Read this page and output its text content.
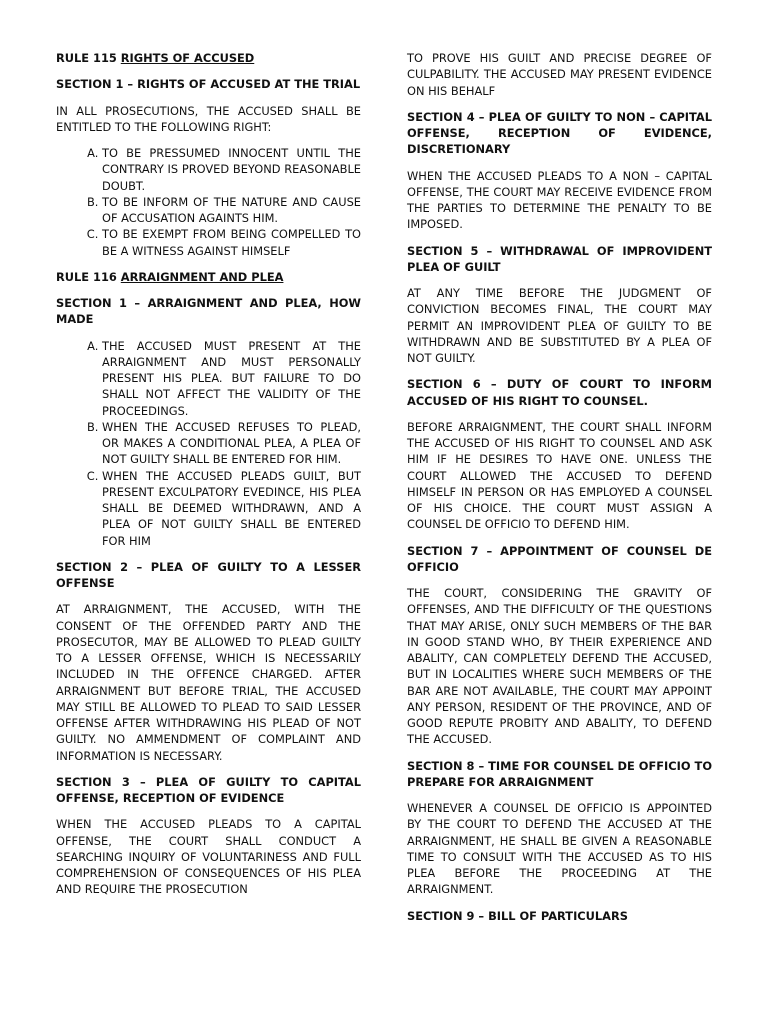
RULE 115 RIGHTS OF ACCUSED
SECTION 1 – RIGHTS OF ACCUSED AT THE TRIAL
IN ALL PROSECUTIONS, THE ACCUSED SHALL BE ENTITLED TO THE FOLLOWING RIGHT:
A. TO BE PRESSUMED INNOCENT UNTIL THE CONTRARY IS PROVED BEYOND REASONABLE DOUBT.
B. TO BE INFORM OF THE NATURE AND CAUSE OF ACCUSATION AGAINTS HIM.
C. TO BE EXEMPT FROM BEING COMPELLED TO BE A WITNESS AGAINST HIMSELF
RULE 116 ARRAIGNMENT AND PLEA
SECTION 1 – ARRAIGNMENT AND PLEA, HOW MADE
A. THE ACCUSED MUST PRESENT AT THE ARRAIGNMENT AND MUST PERSONALLY PRESENT HIS PLEA. BUT FAILURE TO DO SHALL NOT AFFECT THE VALIDITY OF THE PROCEEDINGS.
B. WHEN THE ACCUSED REFUSES TO PLEAD, OR MAKES A CONDITIONAL PLEA, A PLEA OF NOT GUILTY SHALL BE ENTERED FOR HIM.
C. WHEN THE ACCUSED PLEADS GUILT, BUT PRESENT EXCULPATORY EVEDINCE, HIS PLEA SHALL BE DEEMED WITHDRAWN, AND A PLEA OF NOT GUILTY SHALL BE ENTERED FOR HIM
SECTION 2 – PLEA OF GUILTY TO A LESSER OFFENSE
AT ARRAIGNMENT, THE ACCUSED, WITH THE CONSENT OF THE OFFENDED PARTY AND THE PROSECUTOR, MAY BE ALLOWED TO PLEAD GUILTY TO A LESSER OFFENSE, WHICH IS NECESSARILY INCLUDED IN THE OFFENCE CHARGED. AFTER ARRAIGNMENT BUT BEFORE TRIAL, THE ACCUSED MAY STILL BE ALLOWED TO PLEAD TO SAID LESSER OFFENSE AFTER WITHDRAWING HIS PLEAD OF NOT GUILTY. NO AMMENDMENT OF COMPLAINT AND INFORMATION IS NECESSARY.
SECTION 3 – PLEA OF GUILTY TO CAPITAL OFFENSE, RECEPTION OF EVIDENCE
WHEN THE ACCUSED PLEADS TO A CAPITAL OFFENSE, THE COURT SHALL CONDUCT A SEARCHING INQUIRY OF VOLUNTARINESS AND FULL COMPREHENSION OF CONSEQUENCES OF HIS PLEA AND REQUIRE THE PROSECUTION
TO PROVE HIS GUILT AND PRECISE DEGREE OF CULPABILITY. THE ACCUSED MAY PRESENT EVIDENCE ON HIS BEHALF
SECTION 4 – PLEA OF GUILTY TO NON – CAPITAL OFFENSE, RECEPTION OF EVIDENCE, DISCRETIONARY
WHEN THE ACCUSED PLEADS TO A NON – CAPITAL OFFENSE, THE COURT MAY RECEIVE EVIDENCE FROM THE PARTIES TO DETERMINE THE PENALTY TO BE IMPOSED.
SECTION 5 – WITHDRAWAL OF IMPROVIDENT PLEA OF GUILT
AT ANY TIME BEFORE THE JUDGMENT OF CONVICTION BECOMES FINAL, THE COURT MAY PERMIT AN IMPROVIDENT PLEA OF GUILTY TO BE WITHDRAWN AND BE SUBSTITUTED BY A PLEA OF NOT GUILTY.
SECTION 6 – DUTY OF COURT TO INFORM ACCUSED OF HIS RIGHT TO COUNSEL.
BEFORE ARRAIGNMENT, THE COURT SHALL INFORM THE ACCUSED OF HIS RIGHT TO COUNSEL AND ASK HIM IF HE DESIRES TO HAVE ONE. UNLESS THE COURT ALLOWED THE ACCUSED TO DEFEND HIMSELF IN PERSON OR HAS EMPLOYED A COUNSEL OF HIS CHOICE. THE COURT MUST ASSIGN A COUNSEL DE OFFICIO TO DEFEND HIM.
SECTION 7 – APPOINTMENT OF COUNSEL DE OFFICIO
THE COURT, CONSIDERING THE GRAVITY OF OFFENSES, AND THE DIFFICULTY OF THE QUESTIONS THAT MAY ARISE, ONLY SUCH MEMBERS OF THE BAR IN GOOD STAND WHO, BY THEIR EXPERIENCE AND ABALITY, CAN COMPLETELY DEFEND THE ACCUSED, BUT IN LOCALITIES WHERE SUCH MEMBERS OF THE BAR ARE NOT AVAILABLE, THE COURT MAY APPOINT ANY PERSON, RESIDENT OF THE PROVINCE, AND OF GOOD REPUTE PROBITY AND ABALITY, TO DEFEND THE ACCUSED.
SECTION 8 – TIME FOR COUNSEL DE OFFICIO TO PREPARE FOR ARRAIGNMENT
WHENEVER A COUNSEL DE OFFICIO IS APPOINTED BY THE COURT TO DEFEND THE ACCUSED AT THE ARRAIGNMENT, HE SHALL BE GIVEN A REASONABLE TIME TO CONSULT WITH THE ACCUSED AS TO HIS PLEA BEFORE THE PROCEEDING AT THE ARRAIGNMENT.
SECTION 9 – BILL OF PARTICULARS
